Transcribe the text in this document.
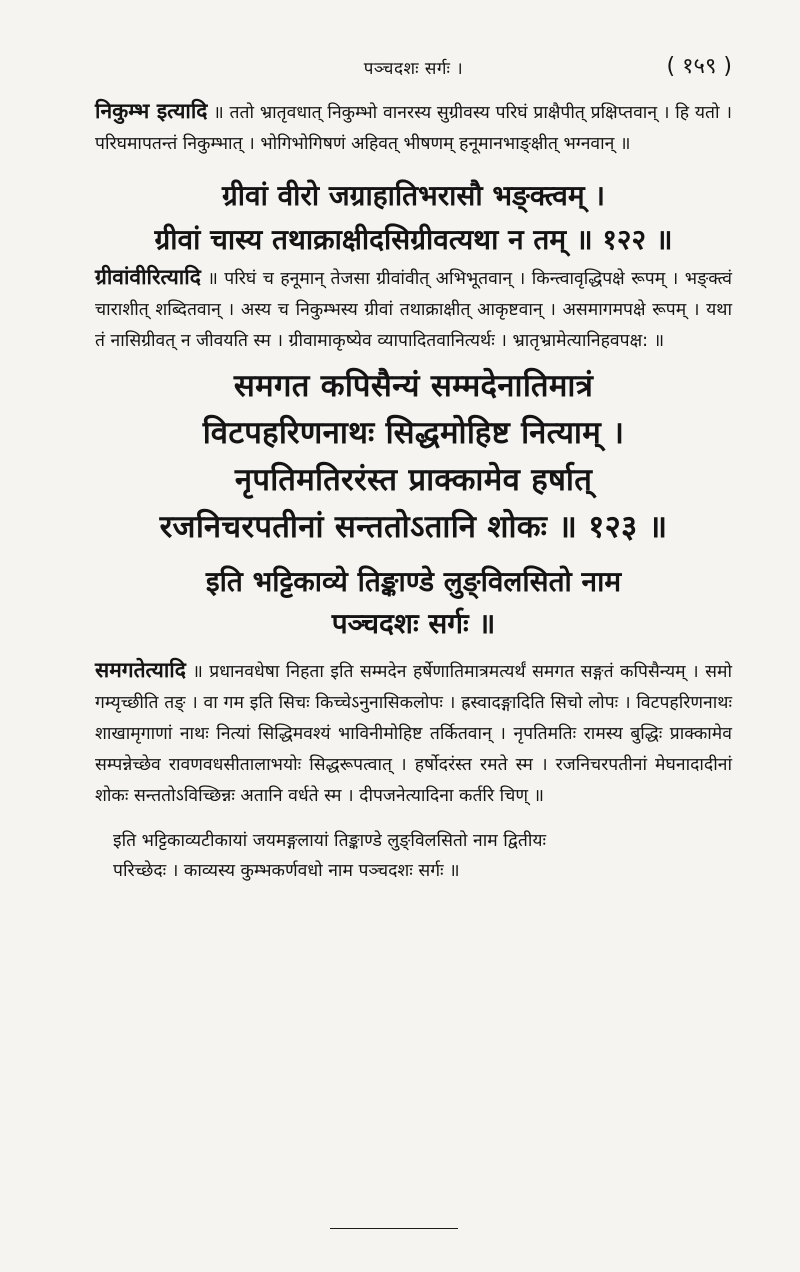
पञ्चदशः सर्गः ।	( १५९ )

निकुम्भ इत्यादि ॥ ततो भ्रातृवधात् निकुम्भो वानरस्य सुग्रीवस्य परिघं प्राक्षैपीत् प्रक्षिप्तवान् । हि यतो । परिघमापतन्तं निकुम्भात् । भोगिभोगिषणं अहिवत् भीषणम् हनूमानभाङ्क्षीत् भग्नवान् ॥

ग्रीवां वीरो जग्राहातिभरासौ भङ्क्त्वम् ।

ग्रीवां चास्य तथाक्राक्षीदसिग्रीवत्यथा न तम् ॥ १२२ ॥

ग्रीवांवीरित्यादि ॥ परिघं च हनूमान् तेजसा ग्रीवांवीत् अभिभूतवान् । किन्त्वावृद्धिपक्षे रूपम् । भङ्क्त्वं चाराशीत् शब्दितवान् । अस्य च निकुम्भस्य ग्रीवां तथाक्राक्षीत् आकृष्टवान् । असमागमपक्षे रूपम् । यथा तं नासिग्रीवत् न जीवयति स्म । ग्रीवामाकृष्येव व्यापादितवानित्यर्थः । भ्रातृभ्रामेत्यानिहवपक्ष: ॥

समगत कपिसैन्यं सम्मदेनातिमात्रं

विटपहरिणनाथः सिद्धमोहिष्ट नित्याम् ।

नृपतिमतिररंस्त प्राक्कामेव हर्षात्

रजनिचरपतीनां सन्ततोऽतानि शोकः ॥ १२३ ॥

इति भट्टिकाव्ये तिङ्काण्डे लुङ्विलसितो नाम

पञ्चदशः सर्गः ॥

समगतेत्यादि ॥ प्रधानवधेषा निहता इति सम्मदेन हर्षेणातिमात्रमत्यर्थं समगत सङ्गतं कपिसैन्यम् । समो गम्यृच्छीति तङ् । वा गम इति सिचः किच्चेऽनुनासिकलोपः । ह्रस्वादङ्गादिति सिचो लोपः । विटपहरिणनाथः शाखामृगाणां नाथः नित्यां सिद्धिमवश्यं भाविनीमोहिष्ट तर्कितवान् । नृपतिमतिः रामस्य बुद्धिः प्राक्कामेव सम्पन्नेच्छेव रावणवधसीतालाभयोः सिद्धरूपत्वात् । हर्षोदरंस्त रमते स्म । रजनिचरपतीनां मेघनादादीनां शोकः सन्ततोऽविच्छिन्नः अतानि वर्धते स्म । दीपजनेत्यादिना कर्तरि चिण् ॥

इति भट्टिकाव्यटीकायां जयमङ्गलायां तिङ्काण्डे लुङ्विलसितो नाम द्वितीयः

परिच्छेदः । काव्यस्य कुम्भकर्णवधो नाम पञ्चदशः सर्गः ॥
